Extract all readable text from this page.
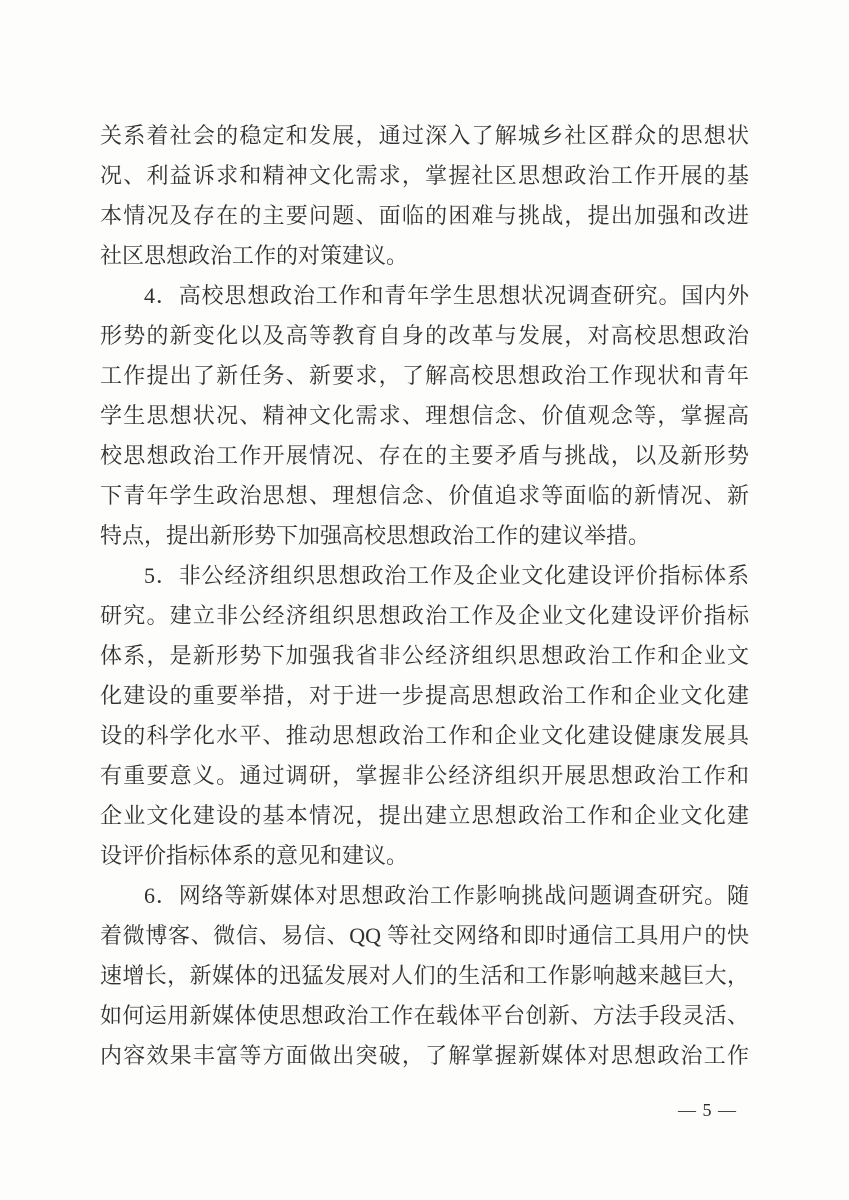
关系着社会的稳定和发展，通过深入了解城乡社区群众的思想状
况、利益诉求和精神文化需求，掌握社区思想政治工作开展的基
本情况及存在的主要问题、面临的困难与挑战，提出加强和改进
社区思想政治工作的对策建议。
4．高校思想政治工作和青年学生思想状况调查研究。国内外
形势的新变化以及高等教育自身的改革与发展，对高校思想政治
工作提出了新任务、新要求，了解高校思想政治工作现状和青年
学生思想状况、精神文化需求、理想信念、价值观念等，掌握高
校思想政治工作开展情况、存在的主要矛盾与挑战，以及新形势
下青年学生政治思想、理想信念、价值追求等面临的新情况、新
特点，提出新形势下加强高校思想政治工作的建议举措。
5．非公经济组织思想政治工作及企业文化建设评价指标体系
研究。建立非公经济组织思想政治工作及企业文化建设评价指标
体系，是新形势下加强我省非公经济组织思想政治工作和企业文
化建设的重要举措，对于进一步提高思想政治工作和企业文化建
设的科学化水平、推动思想政治工作和企业文化建设健康发展具
有重要意义。通过调研，掌握非公经济组织开展思想政治工作和
企业文化建设的基本情况，提出建立思想政治工作和企业文化建
设评价指标体系的意见和建议。
6．网络等新媒体对思想政治工作影响挑战问题调查研究。随
着微博客、微信、易信、QQ 等社交网络和即时通信工具用户的快
速增长，新媒体的迅猛发展对人们的生活和工作影响越来越巨大，
如何运用新媒体使思想政治工作在载体平台创新、方法手段灵活、
内容效果丰富等方面做出突破，了解掌握新媒体对思想政治工作
— 5 —
